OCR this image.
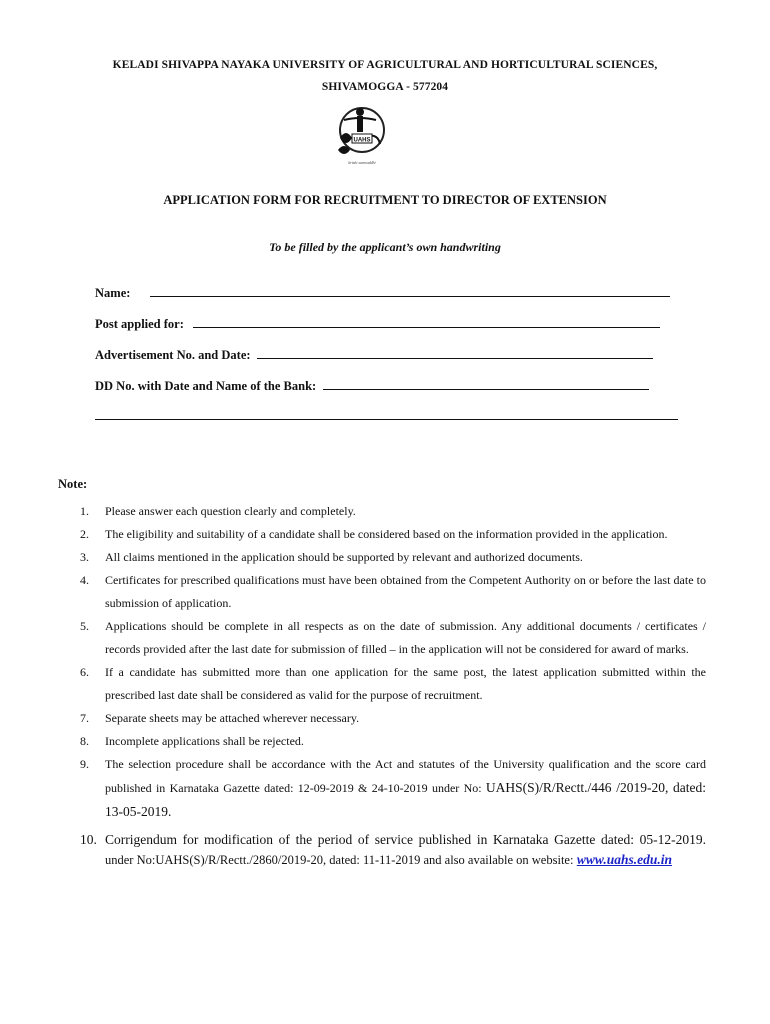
KELADI SHIVAPPA NAYAKA UNIVERSITY OF AGRICULTURAL AND HORTICULTURAL SCIENCES,
SHIVAMOGGA - 577204
UAHS
krishi samruddhi
APPLICATION FORM FOR RECRUITMENT TO DIRECTOR OF EXTENSION
To be filled by the applicant’s own handwriting
Name:
Post applied for:
Advertisement No. and Date:
DD No. with Date and Name of the Bank:
Note:
1. Please answer each question clearly and completely.
2. The eligibility and suitability of a candidate shall be considered based on the information provided in the application.
3. All claims mentioned in the application should be supported by relevant and authorized documents.
4. Certificates for prescribed qualifications must have been obtained from the Competent Authority on or before the last date to submission of application.
5. Applications should be complete in all respects as on the date of submission. Any additional documents / certificates / records provided after the last date for submission of filled – in the application will not be considered for award of marks.
6. If a candidate has submitted more than one application for the same post, the latest application submitted within the prescribed last date shall be considered as valid for the purpose of recruitment.
7. Separate sheets may be attached wherever necessary.
8. Incomplete applications shall be rejected.
9. The selection procedure shall be accordance with the Act and statutes of the University qualification and the score card published in Karnataka Gazette dated: 12-09-2019 & 24-10-2019 under No: UAHS(S)/R/Rectt./446 /2019-20, dated: 13-05-2019.
10. Corrigendum for modification of the period of service published in Karnataka Gazette dated: 05-12-2019. under No:UAHS(S)/R/Rectt./2860/2019-20, dated: 11-11-2019 and also available on website: www.uahs.edu.in
